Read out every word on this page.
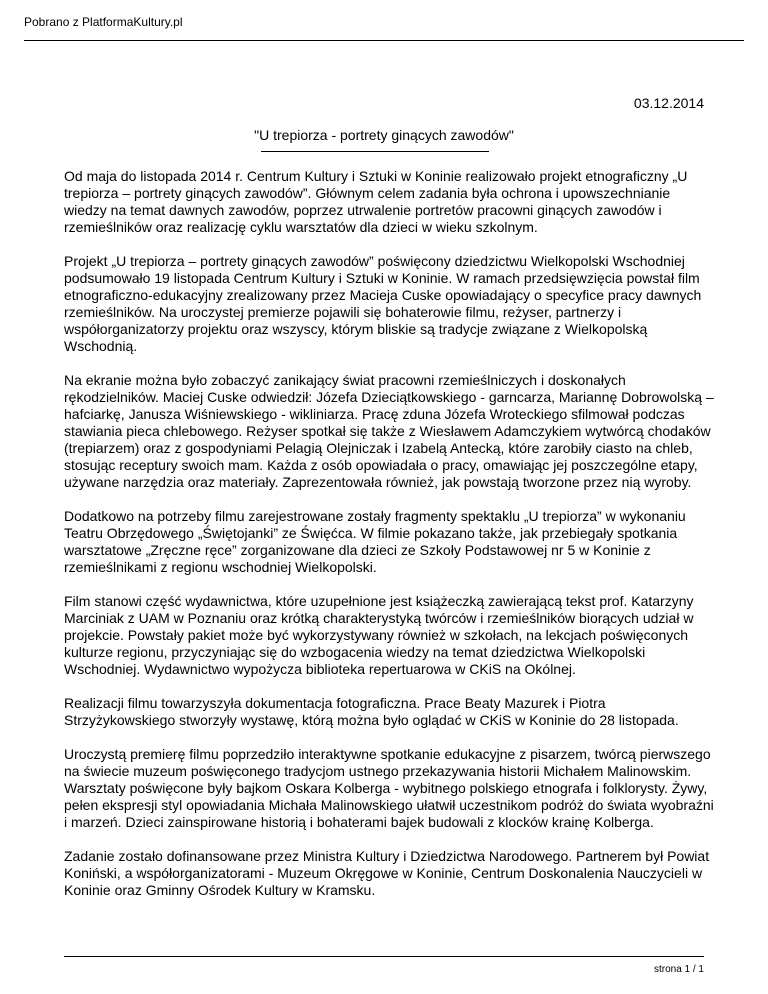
Pobrano z PlatformaKultury.pl
03.12.2014
"U trepiorza - portrety ginących zawodów"

Od maja do listopada 2014 r. Centrum Kultury i Sztuki w Koninie realizowało projekt etnograficzny „U trepiorza – portrety ginących zawodów”. Głównym celem zadania była ochrona i upowszechnianie wiedzy na temat dawnych zawodów, poprzez utrwalenie portretów pracowni ginących zawodów i rzemieślników oraz realizację cyklu warsztatów dla dzieci w wieku szkolnym.

Projekt „U trepiorza – portrety ginących zawodów” poświęcony dziedzictwu Wielkopolski Wschodniej podsumowało 19 listopada Centrum Kultury i Sztuki w Koninie. W ramach przedsięwzięcia powstał film etnograficzno-edukacyjny zrealizowany przez Macieja Cuske opowiadający o specyfice pracy dawnych rzemieślników. Na uroczystej premierze pojawili się bohaterowie filmu, reżyser, partnerzy i współorganizatorzy projektu oraz wszyscy, którym bliskie są tradycje związane z Wielkopolską Wschodnią.

Na ekranie można było zobaczyć zanikający świat pracowni rzemieślniczych i doskonałych rękodzielników. Maciej Cuske odwiedził: Józefa Dzieciątkowskiego - garncarza, Mariannę Dobrowolską – hafciarkę, Janusza Wiśniewskiego - wikliniarza. Pracę zduna Józefa Wroteckiego sfilmował podczas stawiania pieca chlebowego. Reżyser spotkał się także z Wiesławem Adamczykiem wytwórcą chodaków (trepiarzem) oraz z gospodyniami Pelagią Olejniczak i Izabelą Antecką, które zarobiły ciasto na chleb, stosując receptury swoich mam. Każda z osób opowiadała o pracy, omawiając jej poszczególne etapy, używane narzędzia oraz materiały. Zaprezentowała również, jak powstają tworzone przez nią wyroby.

Dodatkowo na potrzeby filmu zarejestrowane zostały fragmenty spektaklu „U trepiorza” w wykonaniu Teatru Obrzędowego „Świętojanki” ze Święćca. W filmie pokazano także, jak przebiegały spotkania warsztatowe „Zręczne ręce” zorganizowane dla dzieci ze Szkoły Podstawowej nr 5 w Koninie z rzemieślnikami z regionu wschodniej Wielkopolski.

Film stanowi część wydawnictwa, które uzupełnione jest książeczką zawierającą tekst prof. Katarzyny Marciniak z UAM w Poznaniu oraz krótką charakterystyką twórców i rzemieślników biorących udział w projekcie. Powstały pakiet może być wykorzystywany również w szkołach, na lekcjach poświęconych kulturze regionu, przyczyniając się do wzbogacenia wiedzy na temat dziedzictwa Wielkopolski Wschodniej. Wydawnictwo wypożycza biblioteka repertuarowa w CKiS na Okólnej.

Realizacji filmu towarzyszyła dokumentacja fotograficzna. Prace Beaty Mazurek i Piotra Strzyżykowskiego stworzyły wystawę, którą można było oglądać w CKiS w Koninie do 28 listopada.

Uroczystą premierę filmu poprzedziło interaktywne spotkanie edukacyjne z pisarzem, twórcą pierwszego na świecie muzeum poświęconego tradycjom ustnego przekazywania historii Michałem Malinowskim. Warsztaty poświęcone były bajkom Oskara Kolberga - wybitnego polskiego etnografa i folklorysty. Żywy, pełen ekspresji styl opowiadania Michała Malinowskiego ułatwił uczestnikom podróż do świata wyobraźni i marzeń. Dzieci zainspirowane historią i bohaterami bajek budowali z klocków krainę Kolberga.

Zadanie zostało dofinansowane przez Ministra Kultury i Dziedzictwa Narodowego. Partnerem był Powiat Koniński, a współorganizatorami - Muzeum Okręgowe w Koninie, Centrum Doskonalenia Nauczycieli w Koninie oraz Gminny Ośrodek Kultury w Kramsku.

strona 1 / 1
